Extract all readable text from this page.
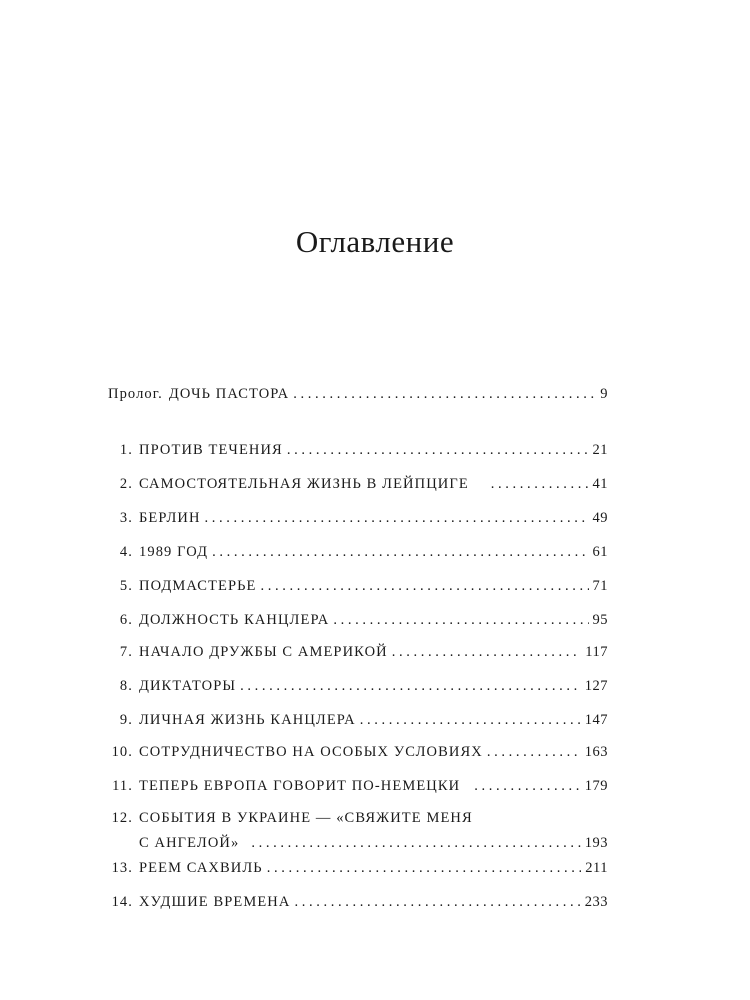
Оглавление
Пролог. ДОЧЬ ПАСТОРА . . .	9
1. ПРОТИВ ТЕЧЕНИЯ . . .	21
2. САМОСТОЯТЕЛЬНАЯ ЖИЗНЬ В ЛЕЙПЦИГЕ . . .	41
3. БЕРЛИН . . .	49
4. 1989 ГОД . . .	61
5. ПОДМАСТЕРЬЕ . . .	71
6. ДОЛЖНОСТЬ КАНЦЛЕРА . . .	95
7. НАЧАЛО ДРУЖБЫ С АМЕРИКОЙ . . .	117
8. ДИКТАТОРЫ . . .	127
9. ЛИЧНАЯ ЖИЗНЬ КАНЦЛЕРА . . .	147
10. СОТРУДНИЧЕСТВО НА ОСОБЫХ УСЛОВИЯХ . . .	163
11. ТЕПЕРЬ ЕВРОПА ГОВОРИТ ПО-НЕМЕЦКИ . . .	179
12. СОБЫТИЯ В УКРАИНЕ — «СВЯЖИТЕ МЕНЯ
С АНГЕЛОЙ» . . .	193
13. РЕЕМ САХВИЛЬ . . .	211
14. ХУДШИЕ ВРЕМЕНА . . .	233
